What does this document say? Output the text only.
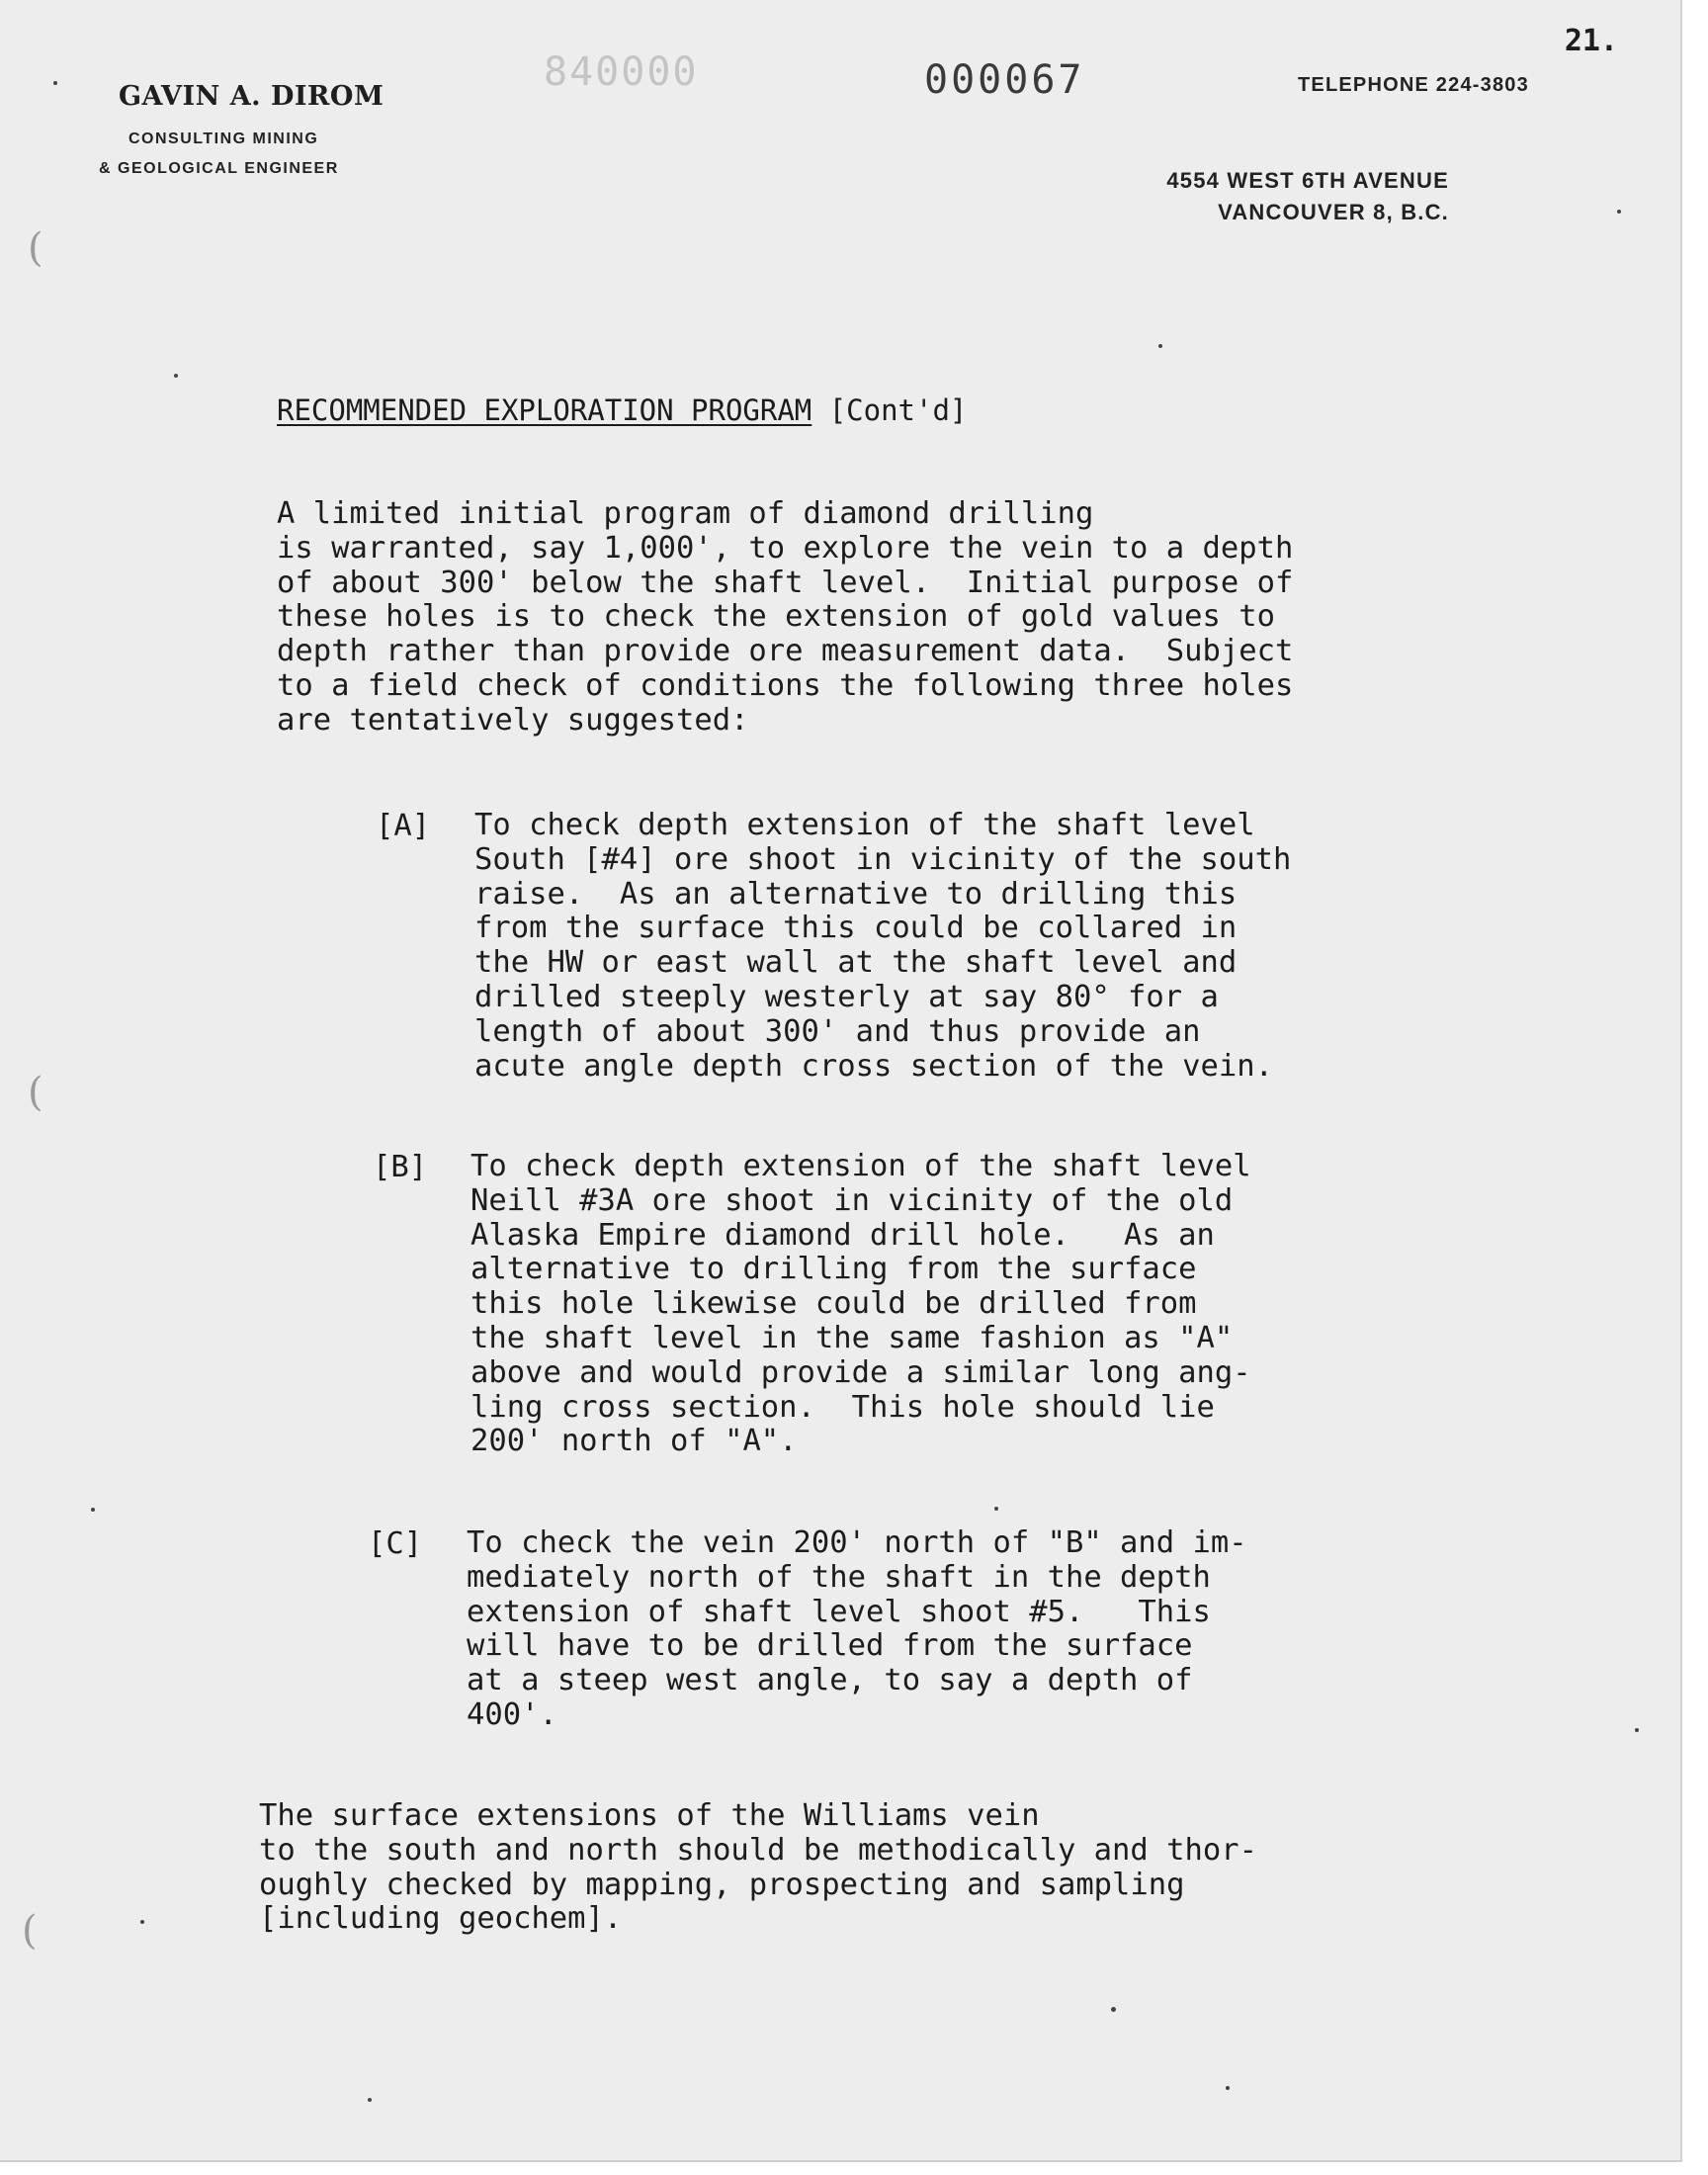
21.
GAVIN A. DIROM
CONSULTING MINING
& GEOLOGICAL ENGINEER
840000	000067	TELEPHONE 224-3803
4554 WEST 6TH AVENUE
VANCOUVER 8, B.C.
RECOMMENDED EXPLORATION PROGRAM [Cont'd]
A limited initial program of diamond drilling
is warranted, say 1,000', to explore the vein to a depth
of about 300' below the shaft level.  Initial purpose of
these holes is to check the extension of gold values to
depth rather than provide ore measurement data.  Subject
to a field check of conditions the following three holes
are tentatively suggested:
[A] To check depth extension of the shaft level
South [#4] ore shoot in vicinity of the south
raise.  As an alternative to drilling this
from the surface this could be collared in
the HW or east wall at the shaft level and
drilled steeply westerly at say 80° for a
length of about 300' and thus provide an
acute angle depth cross section of the vein.
[B] To check depth extension of the shaft level
Neill #3A ore shoot in vicinity of the old
Alaska Empire diamond drill hole.   As an
alternative to drilling from the surface
this hole likewise could be drilled from
the shaft level in the same fashion as "A"
above and would provide a similar long ang-
ling cross section.  This hole should lie
200' north of "A".
[C] To check the vein 200' north of "B" and im-
mediately north of the shaft in the depth
extension of shaft level shoot #5.   This
will have to be drilled from the surface
at a steep west angle, to say a depth of
400'.
The surface extensions of the Williams vein
to the south and north should be methodically and thor-
oughly checked by mapping, prospecting and sampling
[including geochem].
(
(
(
